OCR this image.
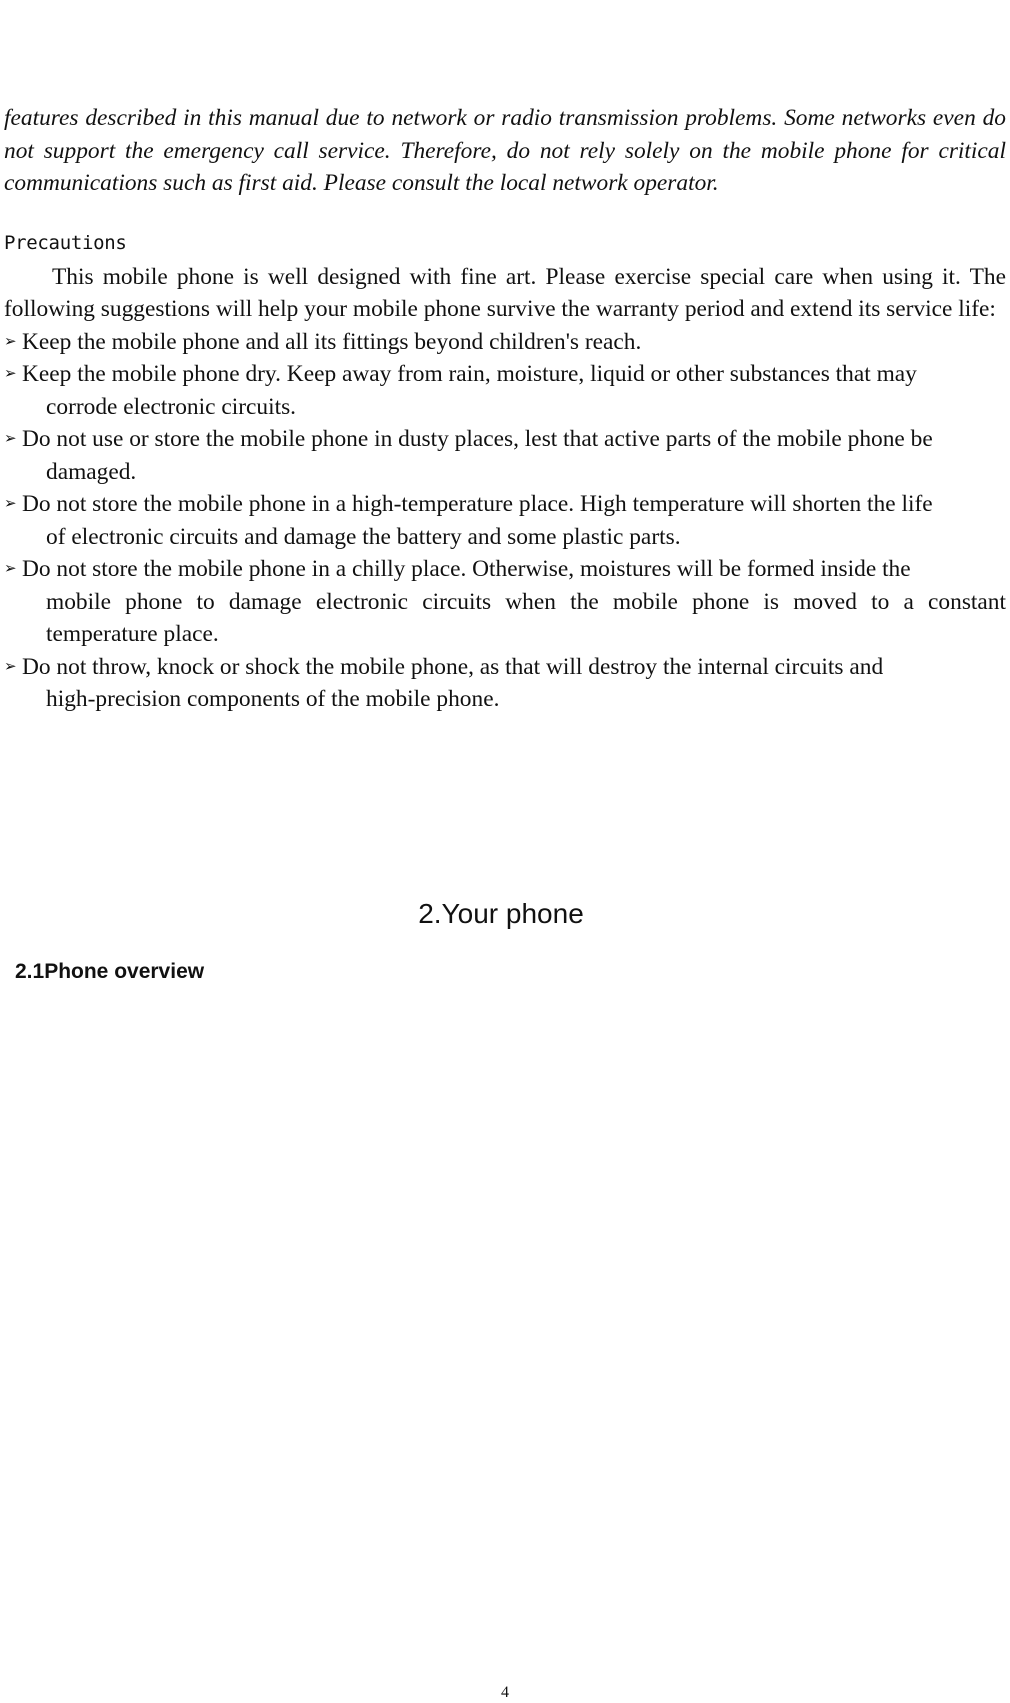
features described in this manual due to network or radio transmission problems. Some networks even do not support the emergency call service. Therefore, do not rely solely on the mobile phone for critical communications such as first aid. Please consult the local network operator.

Precautions

This mobile phone is well designed with fine art. Please exercise special care when using it. The following suggestions will help your mobile phone survive the warranty period and extend its service life:

➢ Keep the mobile phone and all its fittings beyond children's reach.
➢ Keep the mobile phone dry. Keep away from rain, moisture, liquid or other substances that may
corrode electronic circuits.
➢ Do not use or store the mobile phone in dusty places, lest that active parts of the mobile phone be
damaged.
➢ Do not store the mobile phone in a high-temperature place. High temperature will shorten the life
of electronic circuits and damage the battery and some plastic parts.
➢ Do not store the mobile phone in a chilly place. Otherwise, moistures will be formed inside the
mobile phone to damage electronic circuits when the mobile phone is moved to a constant temperature place.
➢ Do not throw, knock or shock the mobile phone, as that will destroy the internal circuits and
high-precision components of the mobile phone.
2.Your phone
2.1Phone overview
4
